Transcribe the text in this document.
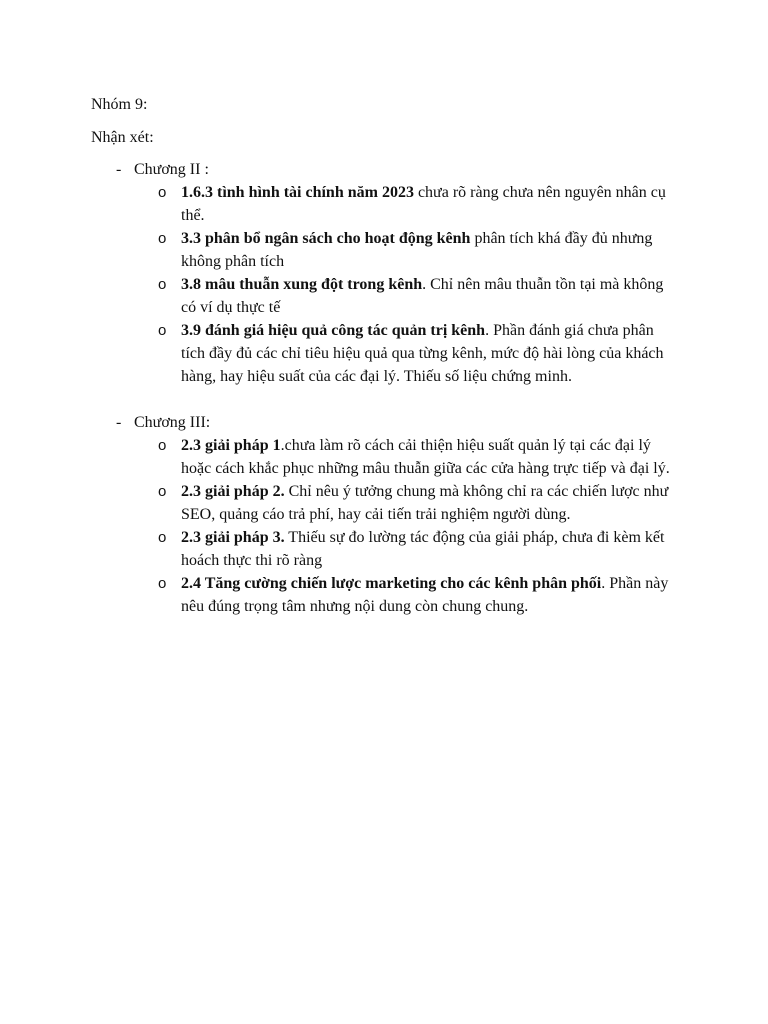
Nhóm 9:

Nhận xét:

- Chương II :
o 1.6.3 tình hình tài chính năm 2023 chưa rõ ràng chưa nên nguyên nhân cụ thể.
o 3.3 phân bổ ngân sách cho hoạt động kênh phân tích khá đầy đủ nhưng không phân tích
o 3.8 mâu thuẫn xung đột trong kênh. Chỉ nên mâu thuẫn tồn tại mà không có ví dụ thực tế
o 3.9 đánh giá hiệu quả công tác quản trị kênh. Phần đánh giá chưa phân tích đầy đủ các chỉ tiêu hiệu quả qua từng kênh, mức độ hài lòng của khách hàng, hay hiệu suất của các đại lý. Thiếu số liệu chứng minh.
- Chương III:
o 2.3 giải pháp 1.chưa làm rõ cách cải thiện hiệu suất quản lý tại các đại lý hoặc cách khắc phục những mâu thuẫn giữa các cửa hàng trực tiếp và đại lý.
o 2.3 giải pháp 2. Chỉ nêu ý tưởng chung mà không chỉ ra các chiến lược như SEO, quảng cáo trả phí, hay cải tiến trải nghiệm người dùng.
o 2.3 giải pháp 3. Thiếu sự đo lường tác động của giải pháp, chưa đi kèm kết hoách thực thi rõ ràng
o 2.4 Tăng cường chiến lược marketing cho các kênh phân phối. Phần này nêu đúng trọng tâm nhưng nội dung còn chung chung.
